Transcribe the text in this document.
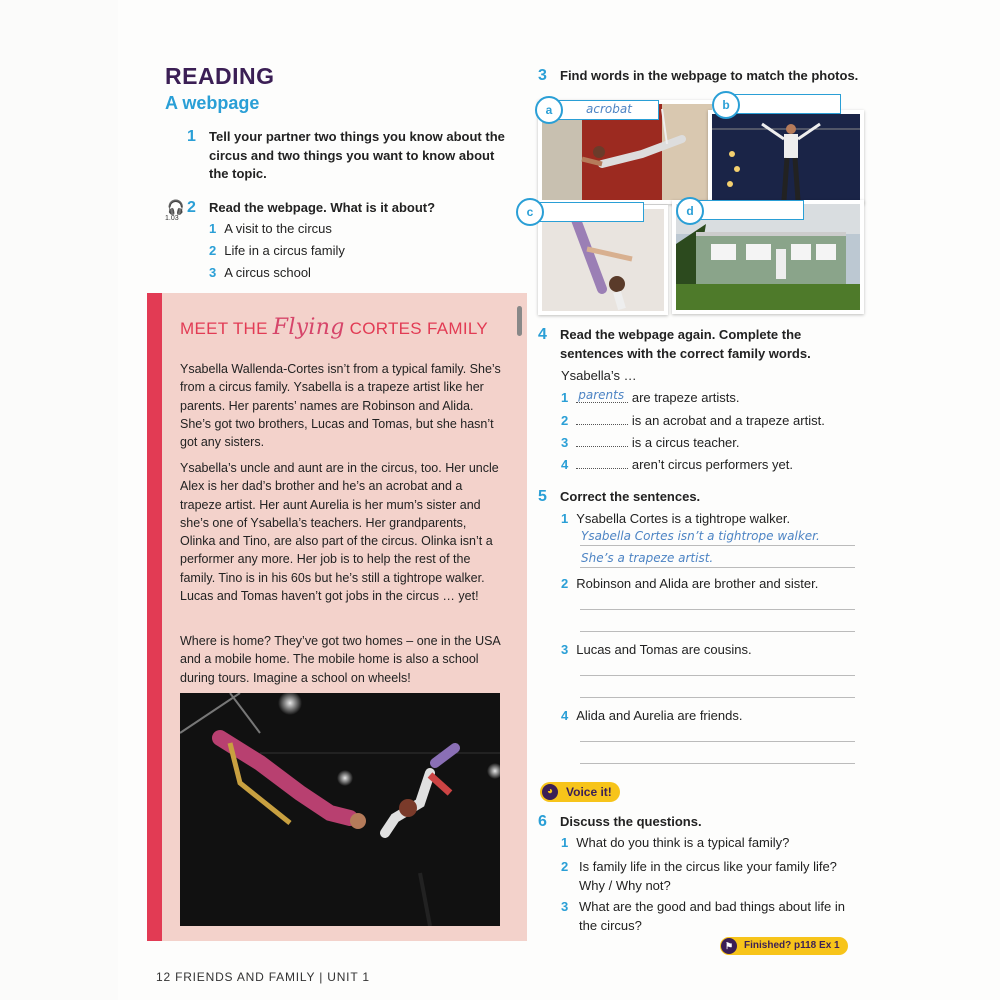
READING
A webpage
1 Tell your partner two things you know about the circus and two things you want to know about the topic.
🎧
1.03
2 Read the webpage. What is it about?
1 A visit to the circus
2 Life in a circus family
3 A circus school
MEET THE Flying CORTES FAMILY
Ysabella Wallenda-Cortes isn’t from a typical family. She’s from a circus family. Ysabella is a trapeze artist like her parents. Her parents’ names are Robinson and Alida. She’s got two brothers, Lucas and Tomas, but she hasn’t got any sisters.
Ysabella’s uncle and aunt are in the circus, too. Her uncle Alex is her dad’s brother and he’s an acrobat and a trapeze artist. Her aunt Aurelia is her mum’s sister and she’s one of Ysabella’s teachers. Her grandparents, Olinka and Tino, are also part of the circus. Olinka isn’t a performer any more. Her job is to help the rest of the family. Tino is in his 60s but he’s still a tightrope walker. Lucas and Tomas haven’t got jobs in the circus … yet!
Where is home? They’ve got two homes – one in the USA and a mobile home. The mobile home is also a school during tours. Imagine a school on wheels!
3 Find words in the webpage to match the photos.
acrobat
a	b
c	d
4 Read the webpage again. Complete the sentences with the correct family words.
Ysabella’s …
1 parents are trapeze artists.
2	is an acrobat and a trapeze artist.
3	is a circus teacher.
4	aren’t circus performers yet.
5 Correct the sentences.
1 Ysabella Cortes is a tightrope walker.
Ysabella Cortes isn’t a tightrope walker.
She’s a trapeze artist.
2 Robinson and Alida are brother and sister.
3 Lucas and Tomas are cousins.
4 Alida and Aurelia are friends.
◕	Voice it!
6 Discuss the questions.
1 What do you think is a typical family?
2 Is family life in the circus like your family life? Why / Why not?
3 What are the good and bad things about life in the circus?
⚑	Finished? p118 Ex 1
12 FRIENDS AND FAMILY | UNIT 1
